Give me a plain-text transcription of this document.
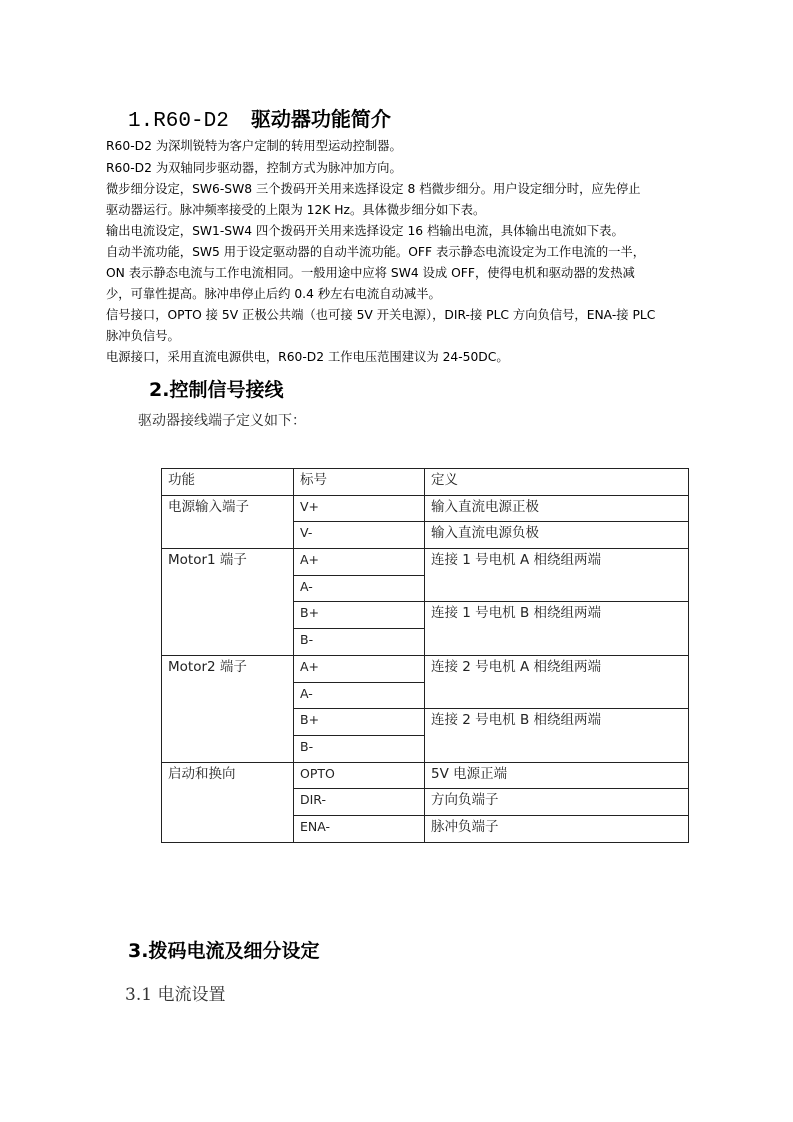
1.R60-D2 驱动器功能简介
R60-D2 为深圳锐特为客户定制的转用型运动控制器。
R60-D2 为双轴同步驱动器，控制方式为脉冲加方向。
微步细分设定，SW6-SW8 三个拨码开关用来选择设定 8 档微步细分。用户设定细分时，应先停止
驱动器运行。脉冲频率接受的上限为 12K Hz。具体微步细分如下表。
输出电流设定，SW1-SW4 四个拨码开关用来选择设定 16 档输出电流，具体输出电流如下表。
自动半流功能，SW5 用于设定驱动器的自动半流功能。OFF 表示静态电流设定为工作电流的一半，
ON 表示静态电流与工作电流相同。一般用途中应将 SW4 设成 OFF，使得电机和驱动器的发热减
少，可靠性提高。脉冲串停止后约 0.4 秒左右电流自动减半。
信号接口，OPTO 接 5V 正极公共端（也可接 5V 开关电源），DIR-接 PLC 方向负信号，ENA-接 PLC
脉冲负信号。
电源接口，采用直流电源供电，R60-D2 工作电压范围建议为 24-50DC。
2.控制信号接线
驱动器接线端子定义如下：
功能	标号	定义
电源输入端子	V+	输入直流电源正极
	V-	输入直流电源负极
Motor1 端子	A+	连接 1 号电机 A 相绕组两端
	A-	
	B+	连接 1 号电机 B 相绕组两端
	B-	
Motor2 端子	A+	连接 2 号电机 A 相绕组两端
	A-	
	B+	连接 2 号电机 B 相绕组两端
	B-	
启动和换向	OPTO	5V 电源正端
	DIR-	方向负端子
	ENA-	脉冲负端子
3.拨码电流及细分设定
3.1 电流设置
